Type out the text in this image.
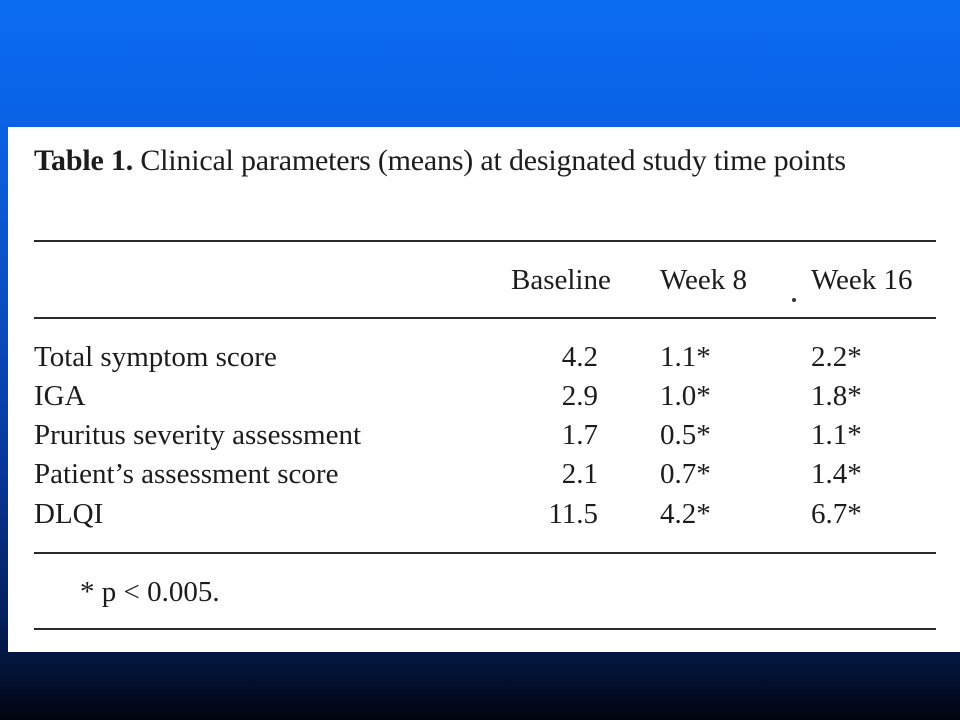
Table 1. Clinical parameters (means) at designated study time points
Baseline Week 8 Week 16
Total symptom score	4.2 1.1*	2.2*
IGA	2.9 1.0*	1.8*
Pruritus severity assessment	1.7 0.5*	1.1*
Patient’s assessment score	2.1 0.7*	1.4*
DLQI	11.5 4.2*	6.7*
* p < 0.005.
